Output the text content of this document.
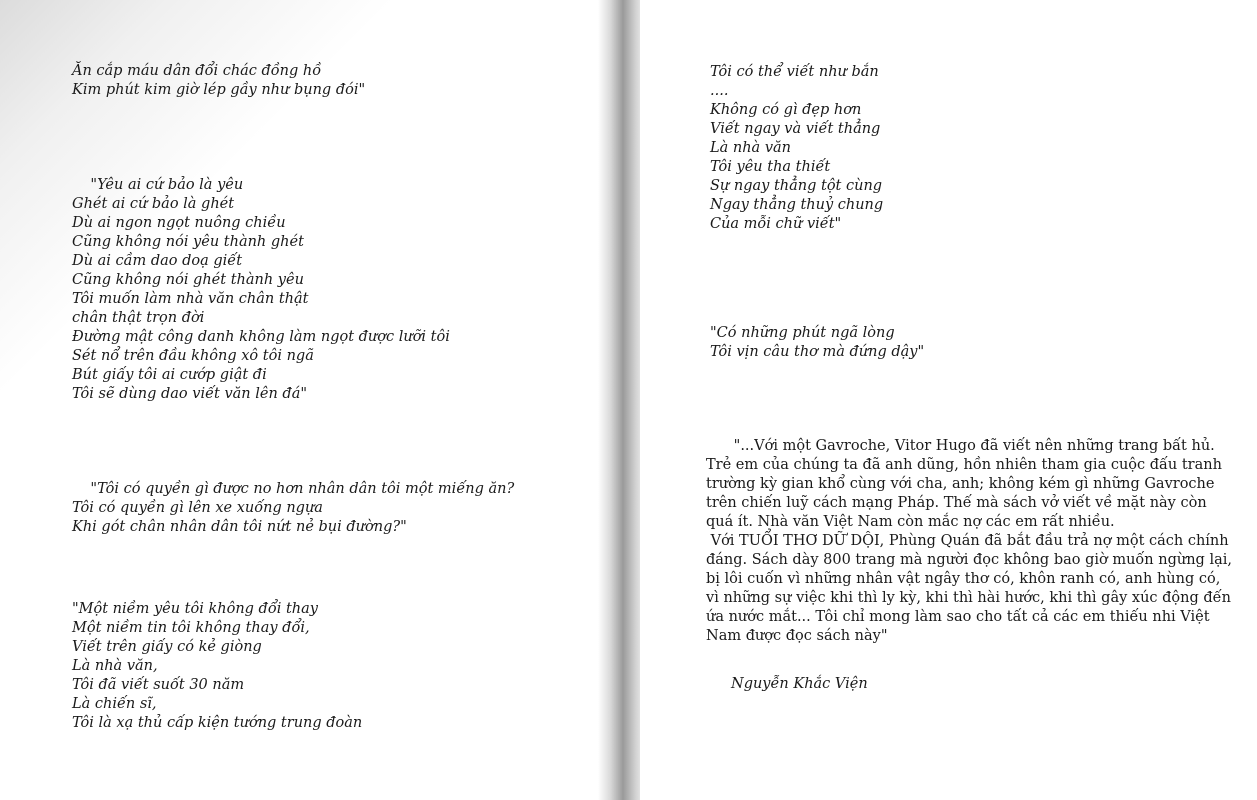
Ăn cắp máu dân đổi chác đồng hồ
Kim phút kim giờ lép gầy như bụng đói"
"Yêu ai cứ bảo là yêu
Ghét ai cứ bảo là ghét
Dù ai ngon ngọt nuông chiều
Cũng không nói yêu thành ghét
Dù ai cầm dao doạ giết
Cũng không nói ghét thành yêu
Tôi muốn làm nhà văn chân thật
chân thật trọn đời
Đường mật công danh không làm ngọt được lưỡi tôi
Sét nổ trên đầu không xô tôi ngã
Bút giấy tôi ai cướp giật đi
Tôi sẽ dùng dao viết văn lên đá"
"Tôi có quyền gì được no hơn nhân dân tôi một miếng ăn?
Tôi có quyền gì lên xe xuống ngựa
Khi gót chân nhân dân tôi nứt nẻ bụi đường?"
"Một niềm yêu tôi không đổi thay
Một niềm tin tôi không thay đổi,
Viết trên giấy có kẻ giòng
Là nhà văn,
Tôi đã viết suốt 30 năm
Là chiến sĩ,
Tôi là xạ thủ cấp kiện tướng trung đoàn
Tôi có thể viết như bắn
....
Không có gì đẹp hơn
Viết ngay và viết thẳng
Là nhà văn
Tôi yêu tha thiết
Sự ngay thẳng tột cùng
Ngay thẳng thuỷ chung
Của mỗi chữ viết"
"Có những phút ngã lòng
Tôi vịn câu thơ mà đứng dậy"
"...Với một Gavroche, Vitor Hugo đã viết nên những trang bất hủ.
Trẻ em của chúng ta đã anh dũng, hồn nhiên tham gia cuộc đấu tranh
trường kỳ gian khổ cùng với cha, anh; không kém gì những Gavroche
trên chiến luỹ cách mạng Pháp. Thế mà sách vở viết về mặt này còn
quá ít. Nhà văn Việt Nam còn mắc nợ các em rất nhiều.
Với TUỔI THƠ DỮ DỘI, Phùng Quán đã bắt đầu trả nợ một cách chính
đáng. Sách dày 800 trang mà người đọc không bao giờ muốn ngừng lại,
bị lôi cuốn vì những nhân vật ngây thơ có, khôn ranh có, anh hùng có,
vì những sự việc khi thì ly kỳ, khi thì hài hước, khi thì gây xúc động đến
ứa nước mắt... Tôi chỉ mong làm sao cho tất cả các em thiếu nhi Việt
Nam được đọc sách này"
Nguyễn Khắc Viện
